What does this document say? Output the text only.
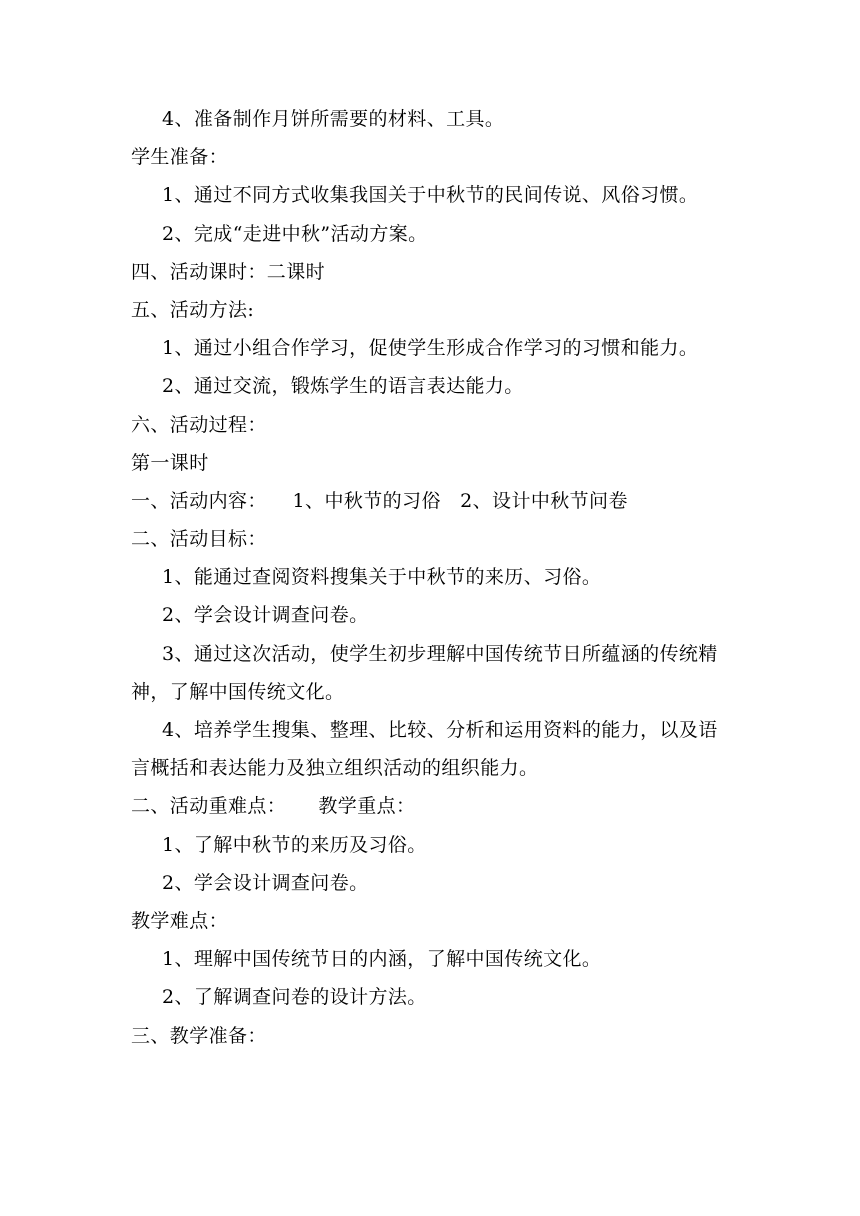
4、准备制作月饼所需要的材料、工具。
学生准备：
1、通过不同方式收集我国关于中秋节的民间传说、风俗习惯。
2、完成“走进中秋”活动方案。
四、活动课时：二课时
五、活动方法:
1、通过小组合作学习，促使学生形成合作学习的习惯和能力。
2、通过交流，锻炼学生的语言表达能力。
六、活动过程：
第一课时
一、活动内容：    1、中秋节的习俗   2、设计中秋节问卷
二、活动目标：
1、能通过查阅资料搜集关于中秋节的来历、习俗。
2、学会设计调查问卷。
3、通过这次活动，使学生初步理解中国传统节日所蕴涵的传统精
神，了解中国传统文化。
4、培养学生搜集、整理、比较、分析和运用资料的能力，以及语
言概括和表达能力及独立组织活动的组织能力。
二、活动重难点：     教学重点：
1、了解中秋节的来历及习俗。
2、学会设计调查问卷。
教学难点：
1、理解中国传统节日的内涵，了解中国传统文化。
2、了解调查问卷的设计方法。
三、教学准备：
